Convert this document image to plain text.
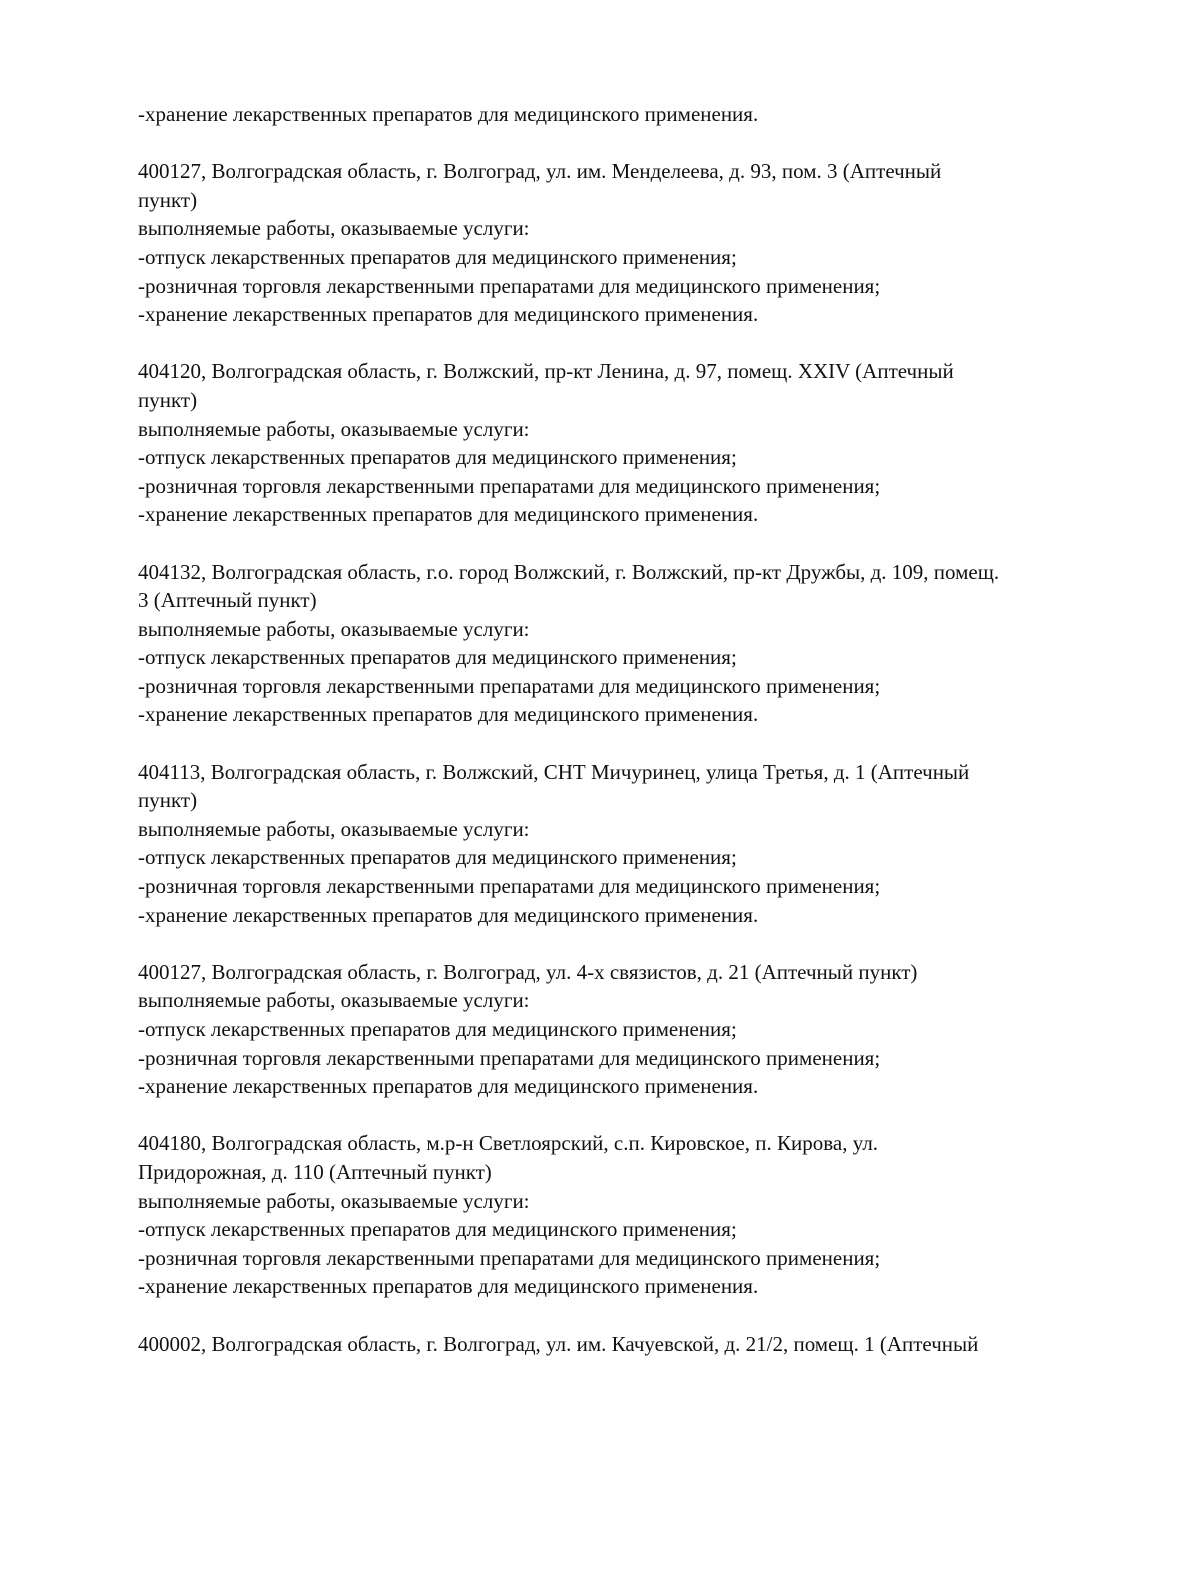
-хранение лекарственных препаратов для медицинского применения.
400127, Волгоградская область, г. Волгоград, ул. им. Менделеева, д. 93, пом. 3 (Аптечный
пункт)
выполняемые работы, оказываемые услуги:
-отпуск лекарственных препаратов для медицинского применения;
-розничная торговля лекарственными препаратами для медицинского применения;
-хранение лекарственных препаратов для медицинского применения.
404120, Волгоградская область, г. Волжский, пр-кт Ленина, д. 97, помещ. XXIV (Аптечный
пункт)
выполняемые работы, оказываемые услуги:
-отпуск лекарственных препаратов для медицинского применения;
-розничная торговля лекарственными препаратами для медицинского применения;
-хранение лекарственных препаратов для медицинского применения.
404132, Волгоградская область, г.о. город Волжский, г. Волжский, пр-кт Дружбы, д. 109, помещ.
3 (Аптечный пункт)
выполняемые работы, оказываемые услуги:
-отпуск лекарственных препаратов для медицинского применения;
-розничная торговля лекарственными препаратами для медицинского применения;
-хранение лекарственных препаратов для медицинского применения.
404113, Волгоградская область, г. Волжский, СНТ Мичуринец, улица Третья, д. 1 (Аптечный
пункт)
выполняемые работы, оказываемые услуги:
-отпуск лекарственных препаратов для медицинского применения;
-розничная торговля лекарственными препаратами для медицинского применения;
-хранение лекарственных препаратов для медицинского применения.
400127, Волгоградская область, г. Волгоград, ул. 4-х связистов, д. 21 (Аптечный пункт)
выполняемые работы, оказываемые услуги:
-отпуск лекарственных препаратов для медицинского применения;
-розничная торговля лекарственными препаратами для медицинского применения;
-хранение лекарственных препаратов для медицинского применения.
404180, Волгоградская область, м.р-н Светлоярский, с.п. Кировское, п. Кирова, ул.
Придорожная, д. 110 (Аптечный пункт)
выполняемые работы, оказываемые услуги:
-отпуск лекарственных препаратов для медицинского применения;
-розничная торговля лекарственными препаратами для медицинского применения;
-хранение лекарственных препаратов для медицинского применения.
400002, Волгоградская область, г. Волгоград, ул. им. Качуевской, д. 21/2, помещ. 1 (Аптечный
